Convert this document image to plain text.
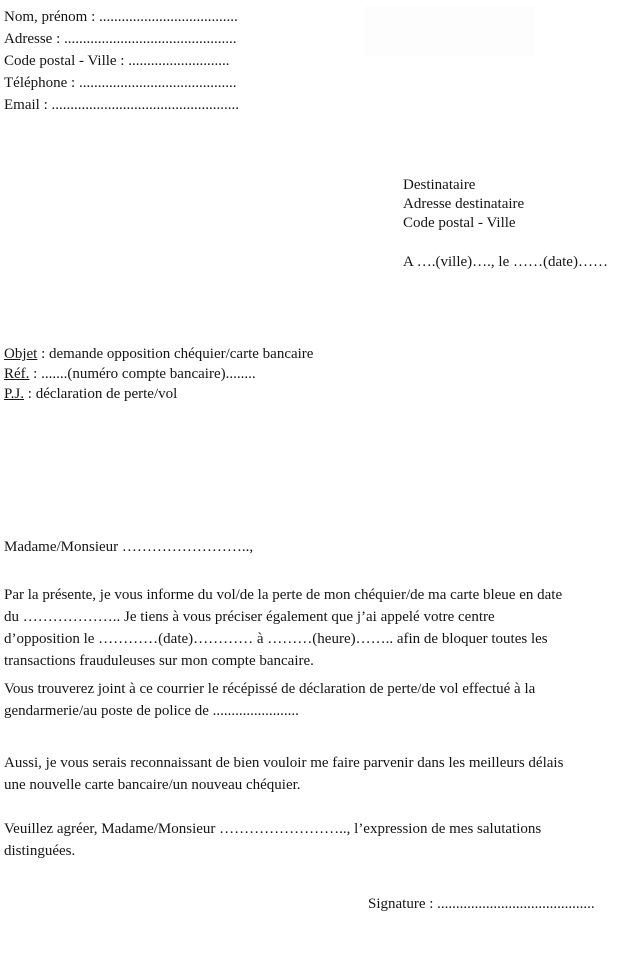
Nom, prénom : .....................................
Adresse : ..............................................
Code postal - Ville : ...........................
Téléphone : ..........................................
Email : ..................................................
Destinataire
Adresse destinataire
Code postal - Ville
A ….(ville)…., le ……(date)……
Objet : demande opposition chéquier/carte bancaire
Réf. : .......(numéro compte bancaire)........
P.J. : déclaration de perte/vol
Madame/Monsieur ……………………..,
Par la présente, je vous informe du vol/de la perte de mon chéquier/de ma carte bleue en date
du ……………….. Je tiens à vous préciser également que j’ai appelé votre centre
d’opposition le …………(date)………… à ………(heure)…….. afin de bloquer toutes les
transactions frauduleuses sur mon compte bancaire.
Vous trouverez joint à ce courrier le récépissé de déclaration de perte/de vol effectué à la
gendarmerie/au poste de police de .......................
Aussi, je vous serais reconnaissant de bien vouloir me faire parvenir dans les meilleurs délais
une nouvelle carte bancaire/un nouveau chéquier.
Veuillez agréer, Madame/Monsieur …………………….., l’expression de mes salutations
distinguées.
Signature : ..........................................
